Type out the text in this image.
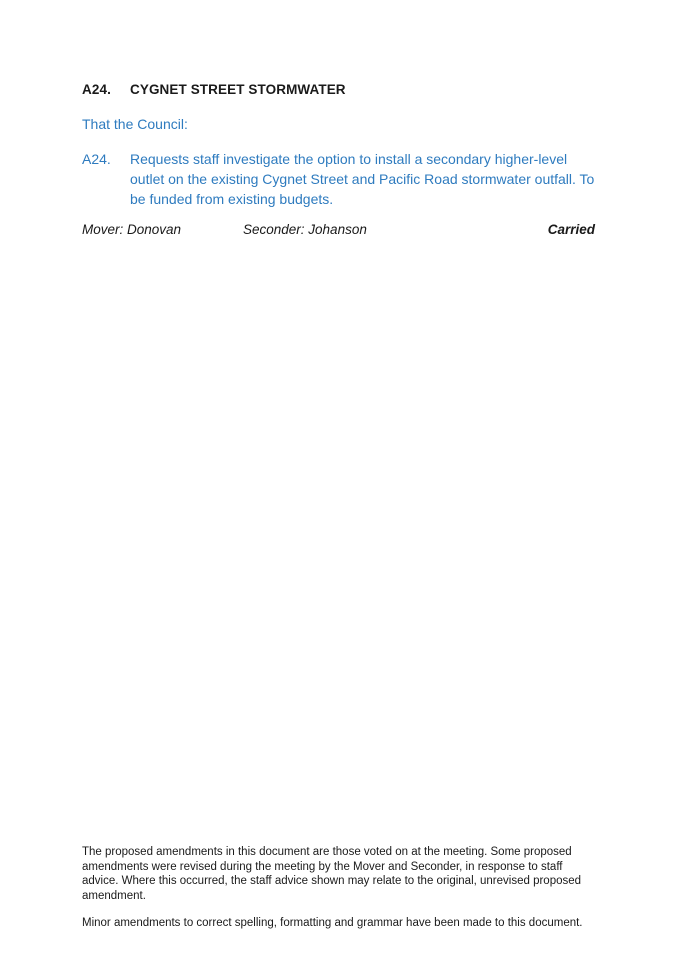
A24. CYGNET STREET STORMWATER
That the Council:
A24. Requests staff investigate the option to install a secondary higher-level outlet on the existing Cygnet Street and Pacific Road stormwater outfall. To be funded from existing budgets.
Mover: Donovan	Seconder: Johanson	Carried

The proposed amendments in this document are those voted on at the meeting. Some proposed amendments were revised during the meeting by the Mover and Seconder, in response to staff advice. Where this occurred, the staff advice shown may relate to the original, unrevised proposed amendment.

Minor amendments to correct spelling, formatting and grammar have been made to this document.
